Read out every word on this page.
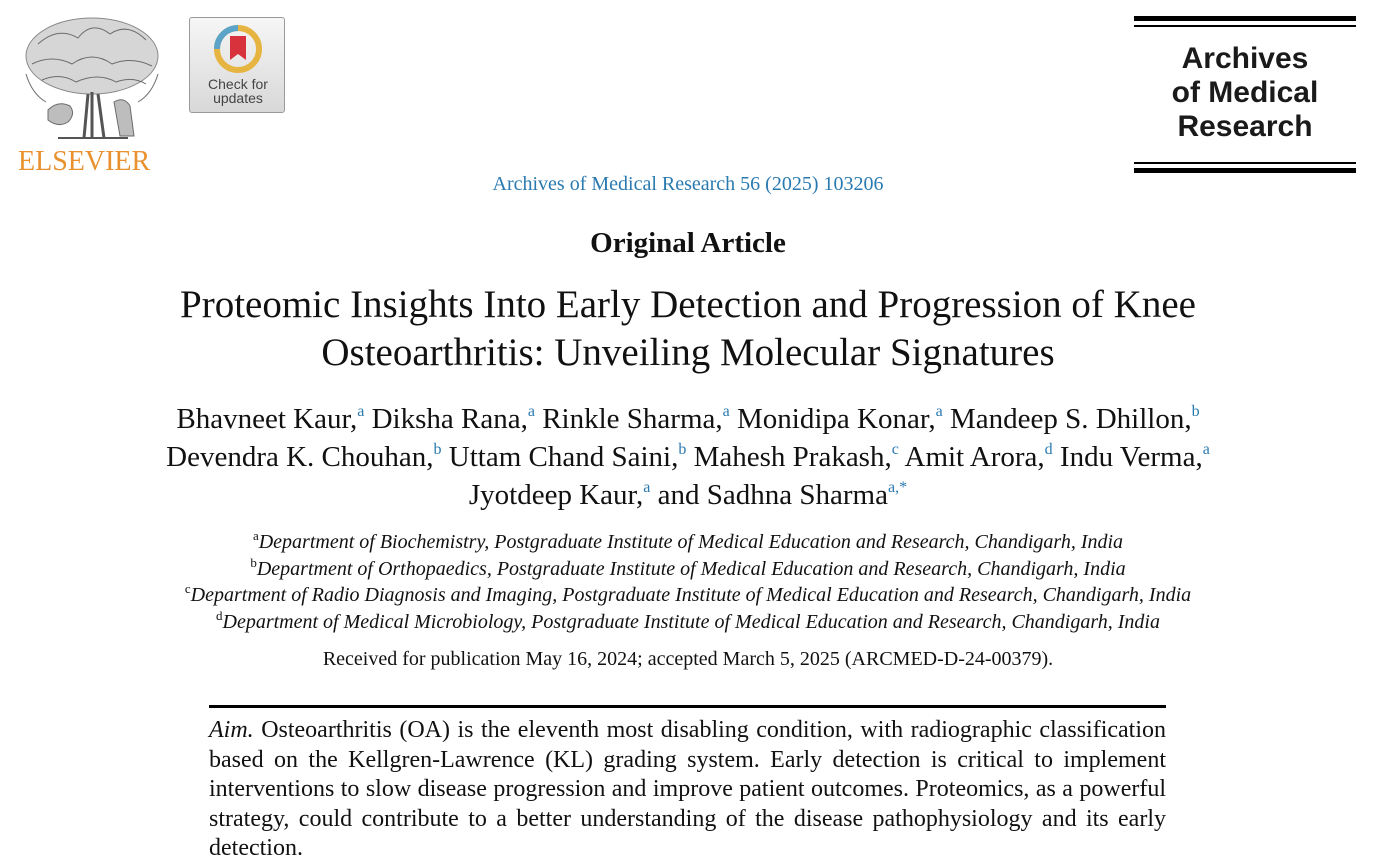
ELSEVIER
Check for
updates
Archives
of Medical
Research
Archives of Medical Research 56 (2025) 103206
Original Article
Proteomic Insights Into Early Detection and Progression of Knee Osteoarthritis: Unveiling Molecular Signatures
Bhavneet Kaur,$^a$ Diksha Rana,$^a$ Rinkle Sharma,$^a$ Monidipa Konar,$^a$ Mandeep S. Dhillon,$^b$
Devendra K. Chouhan,$^b$ Uttam Chand Saini,$^b$ Mahesh Prakash,$^c$ Amit Arora,$^d$ Indu Verma,$^a$
Jyotdeep Kaur,$^a$ and Sadhna Sharma$^{a,*}$
$^a$Department of Biochemistry, Postgraduate Institute of Medical Education and Research, Chandigarh, India
$^b$Department of Orthopaedics, Postgraduate Institute of Medical Education and Research, Chandigarh, India
$^c$Department of Radio Diagnosis and Imaging, Postgraduate Institute of Medical Education and Research, Chandigarh, India
$^d$Department of Medical Microbiology, Postgraduate Institute of Medical Education and Research, Chandigarh, India
Received for publication May 16, 2024; accepted March 5, 2025 (ARCMED-D-24-00379).
Aim. Osteoarthritis (OA) is the eleventh most disabling condition, with radiographic classification based on the Kellgren-Lawrence (KL) grading system. Early detection is critical to implement interventions to slow disease progression and improve patient outcomes. Proteomics, as a powerful strategy, could contribute to a better understanding of the disease pathophysiology and its early detection.
